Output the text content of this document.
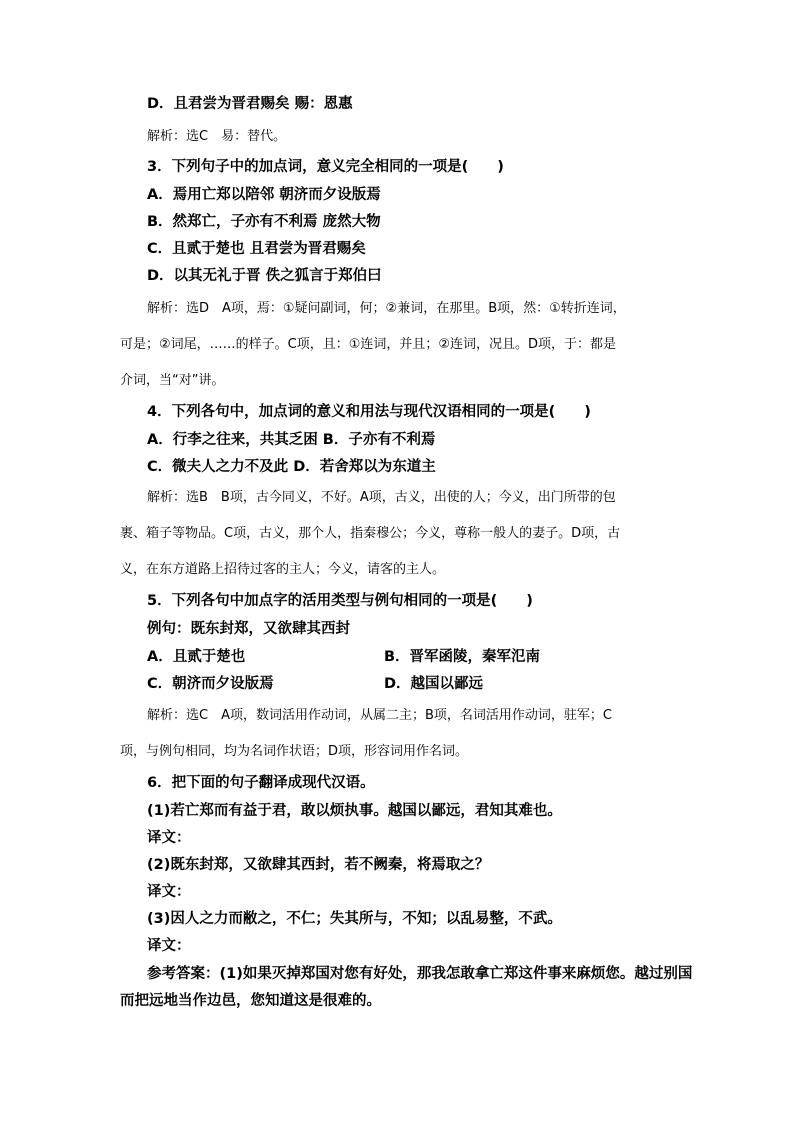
D．且君尝为晋君赐矣 赐：恩惠
解析：选C　易：替代。
3．下列句子中的加点词，意义完全相同的一项是(　　)
A．焉用亡郑以陪邻 朝济而夕设版焉
B．然郑亡，子亦有不利焉 庞然大物
C．且贰于楚也 且君尝为晋君赐矣
D．以其无礼于晋 佚之狐言于郑伯曰
解析：选D　A项，焉：①疑问副词，何；②兼词，在那里。B项，然：①转折连词，
可是；②词尾，……的样子。C项，且：①连词，并且；②连词，况且。D项，于：都是
介词，当“对”讲。
4．下列各句中，加点词的意义和用法与现代汉语相同的一项是(　　)
A．行李之往来，共其乏困 B．子亦有不利焉
C．微夫人之力不及此 D．若舍郑以为东道主
解析：选B　B项，古今同义，不好。A项，古义，出使的人；今义，出门所带的包
裹、箱子等物品。C项，古义，那个人，指秦穆公；今义，尊称一般人的妻子。D项，古
义，在东方道路上招待过客的主人；今义，请客的主人。
5．下列各句中加点字的活用类型与例句相同的一项是(　　)
例句：既东封郑，又欲肆其西封
A．且贰于楚也	B．晋军函陵，秦军氾南
C．朝济而夕设版焉	D．越国以鄙远
解析：选C　A项，数词活用作动词，从属二主；B项，名词活用作动词，驻军；C
项，与例句相同，均为名词作状语；D项，形容词用作名词。
6．把下面的句子翻译成现代汉语。
(1)若亡郑而有益于君，敢以烦执事。越国以鄙远，君知其难也。
译文：
(2)既东封郑，又欲肆其西封，若不阙秦，将焉取之？
译文：
(3)因人之力而敝之，不仁；失其所与，不知；以乱易整，不武。
译文：
参考答案：(1)如果灭掉郑国对您有好处，那我怎敢拿亡郑这件事来麻烦您。越过别国
而把远地当作边邑，您知道这是很难的。
